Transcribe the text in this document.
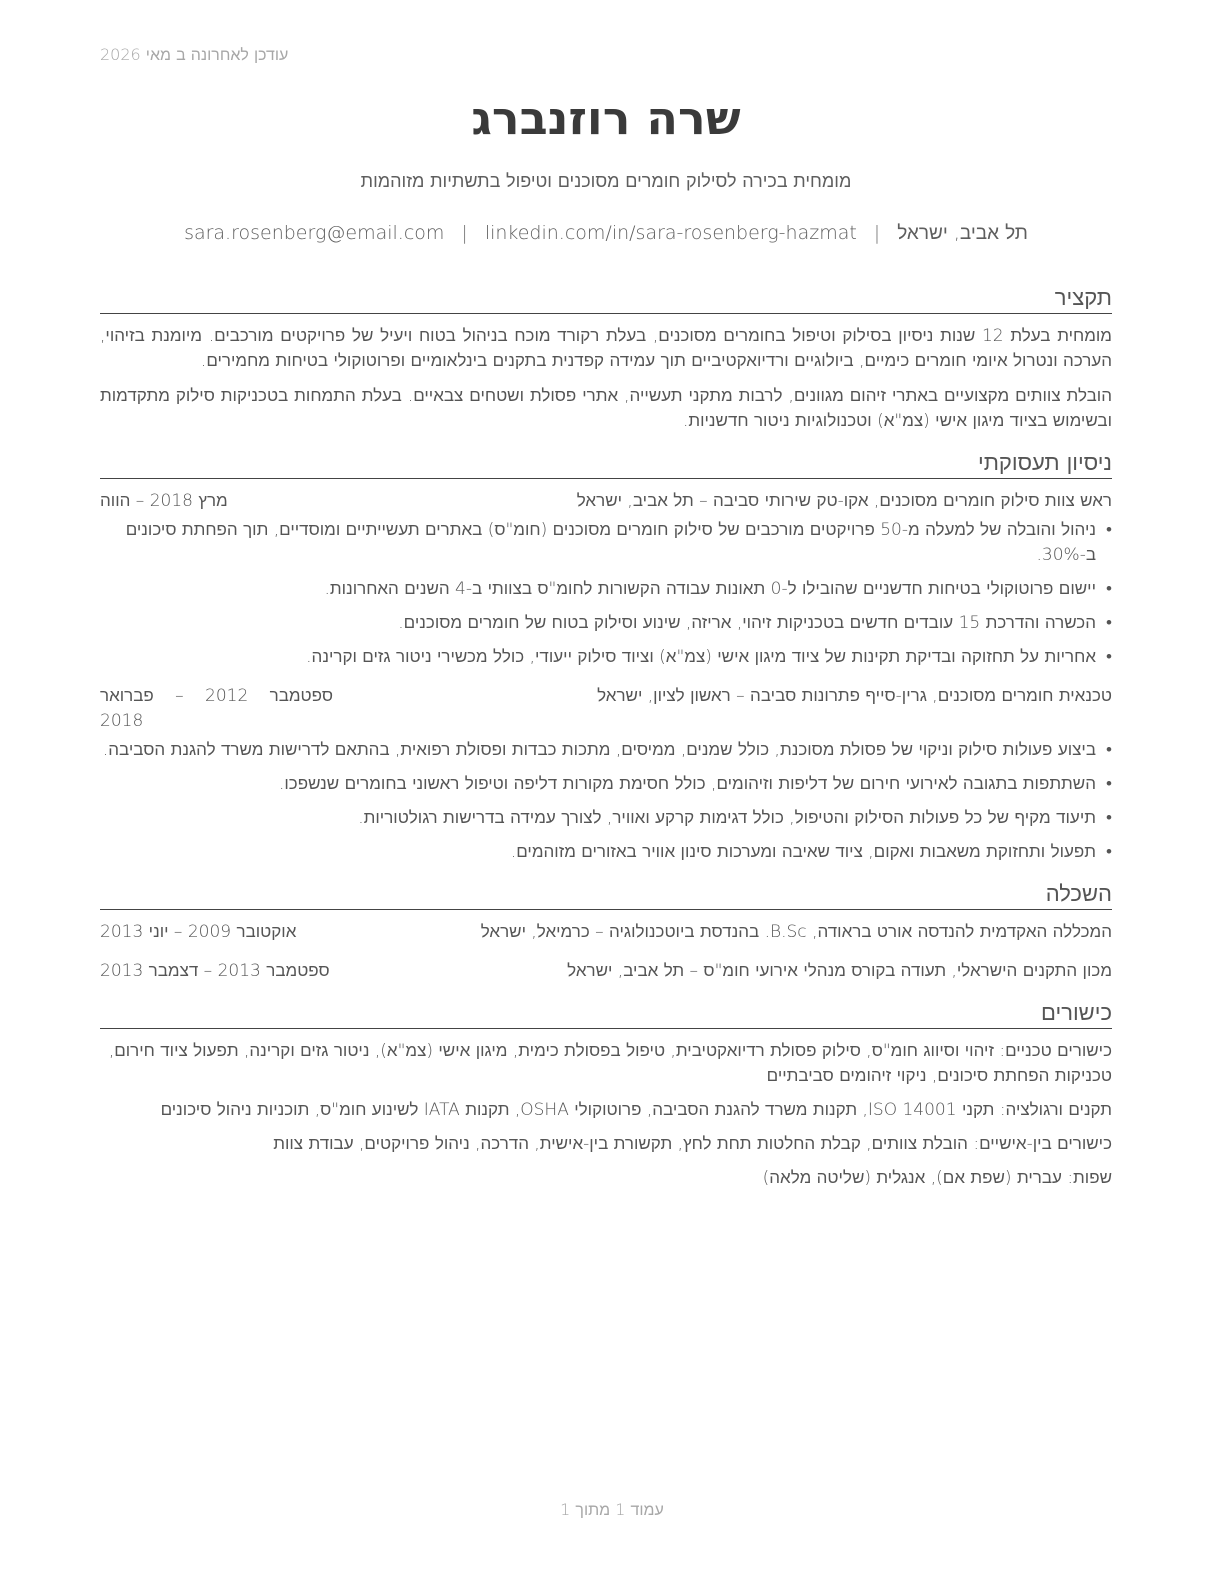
עודכן לאחרונה ב מאי 2026
שרה רוזנברג
מומחית בכירה לסילוק חומרים מסוכנים וטיפול בתשתיות מזוהמות
תל אביב, ישראל|sara.rosenberg@email.com | linkedin.com/in/sara-rosenberg-hazmat
תקציר

מומחית בעלת 12 שנות ניסיון בסילוק וטיפול בחומרים מסוכנים, בעלת רקורד מוכח בניהול בטוח ויעיל של פרויקטים מורכבים. מיומנת בזיהוי, הערכה ונטרול איומי חומרים כימיים, ביולוגיים ורדיואקטיביים תוך עמידה קפדנית בתקנים בינלאומיים ופרוטוקולי בטיחות מחמירים.

הובלת צוותים מקצועיים באתרי זיהום מגוונים, לרבות מתקני תעשייה, אתרי פסולת ושטחים צבאיים. בעלת התמחות בטכניקות סילוק מתקדמות ובשימוש בציוד מיגון אישי (צמ"א) וטכנולוגיות ניטור חדשניות.

ניסיון תעסוקתי
ראש צוות סילוק חומרים מסוכנים, אקו-טק שירותי סביבה – תל אביב, ישראל
מרץ 2018 – הווה
• ניהול והובלה של למעלה מ-50 פרויקטים מורכבים של סילוק חומרים מסוכנים (חומ"ס) באתרים תעשייתיים ומוסדיים, תוך הפחתת סיכונים ב-30%.
• יישום פרוטוקולי בטיחות חדשניים שהובילו ל-0 תאונות עבודה הקשורות לחומ"ס בצוותי ב-4 השנים האחרונות.
• הכשרה והדרכת 15 עובדים חדשים בטכניקות זיהוי, אריזה, שינוע וסילוק בטוח של חומרים מסוכנים.
• אחריות על תחזוקה ובדיקת תקינות של ציוד מיגון אישי (צמ"א) וציוד סילוק ייעודי, כולל מכשירי ניטור גזים וקרינה.
טכנאית חומרים מסוכנים, גרין-סייף פתרונות סביבה – ראשון לציון, ישראל
ספטמבר 2012 – פברואר 2018
• ביצוע פעולות סילוק וניקוי של פסולת מסוכנת, כולל שמנים, ממיסים, מתכות כבדות ופסולת רפואית, בהתאם לדרישות משרד להגנת הסביבה.
• השתתפות בתגובה לאירועי חירום של דליפות וזיהומים, כולל חסימת מקורות דליפה וטיפול ראשוני בחומרים שנשפכו.
• תיעוד מקיף של כל פעולות הסילוק והטיפול, כולל דגימות קרקע ואוויר, לצורך עמידה בדרישות רגולטוריות.
• תפעול ותחזוקת משאבות ואקום, ציוד שאיבה ומערכות סינון אוויר באזורים מזוהמים.
השכלה
המכללה האקדמית להנדסה אורט בראודה, B.Sc. בהנדסת ביוטכנולוגיה – כרמיאל, ישראל
אוקטובר 2009 – יוני 2013
מכון התקנים הישראלי, תעודה בקורס מנהלי אירועי חומ"ס – תל אביב, ישראל
ספטמבר 2013 – דצמבר 2013
כישורים

כישורים טכניים: זיהוי וסיווג חומ"ס, סילוק פסולת רדיואקטיבית, טיפול בפסולת כימית, מיגון אישי (צמ"א), ניטור גזים וקרינה, תפעול ציוד חירום, טכניקות הפחתת סיכונים, ניקוי זיהומים סביבתיים

תקנים ורגולציה: תקני ISO 14001, תקנות משרד להגנת הסביבה, פרוטוקולי OSHA, תקנות IATA לשינוע חומ"ס, תוכניות ניהול סיכונים

כישורים בין-אישיים: הובלת צוותים, קבלת החלטות תחת לחץ, תקשורת בין-אישית, הדרכה, ניהול פרויקטים, עבודת צוות

שפות: עברית (שפת אם), אנגלית (שליטה מלאה)

עמוד 1 מתוך 1
